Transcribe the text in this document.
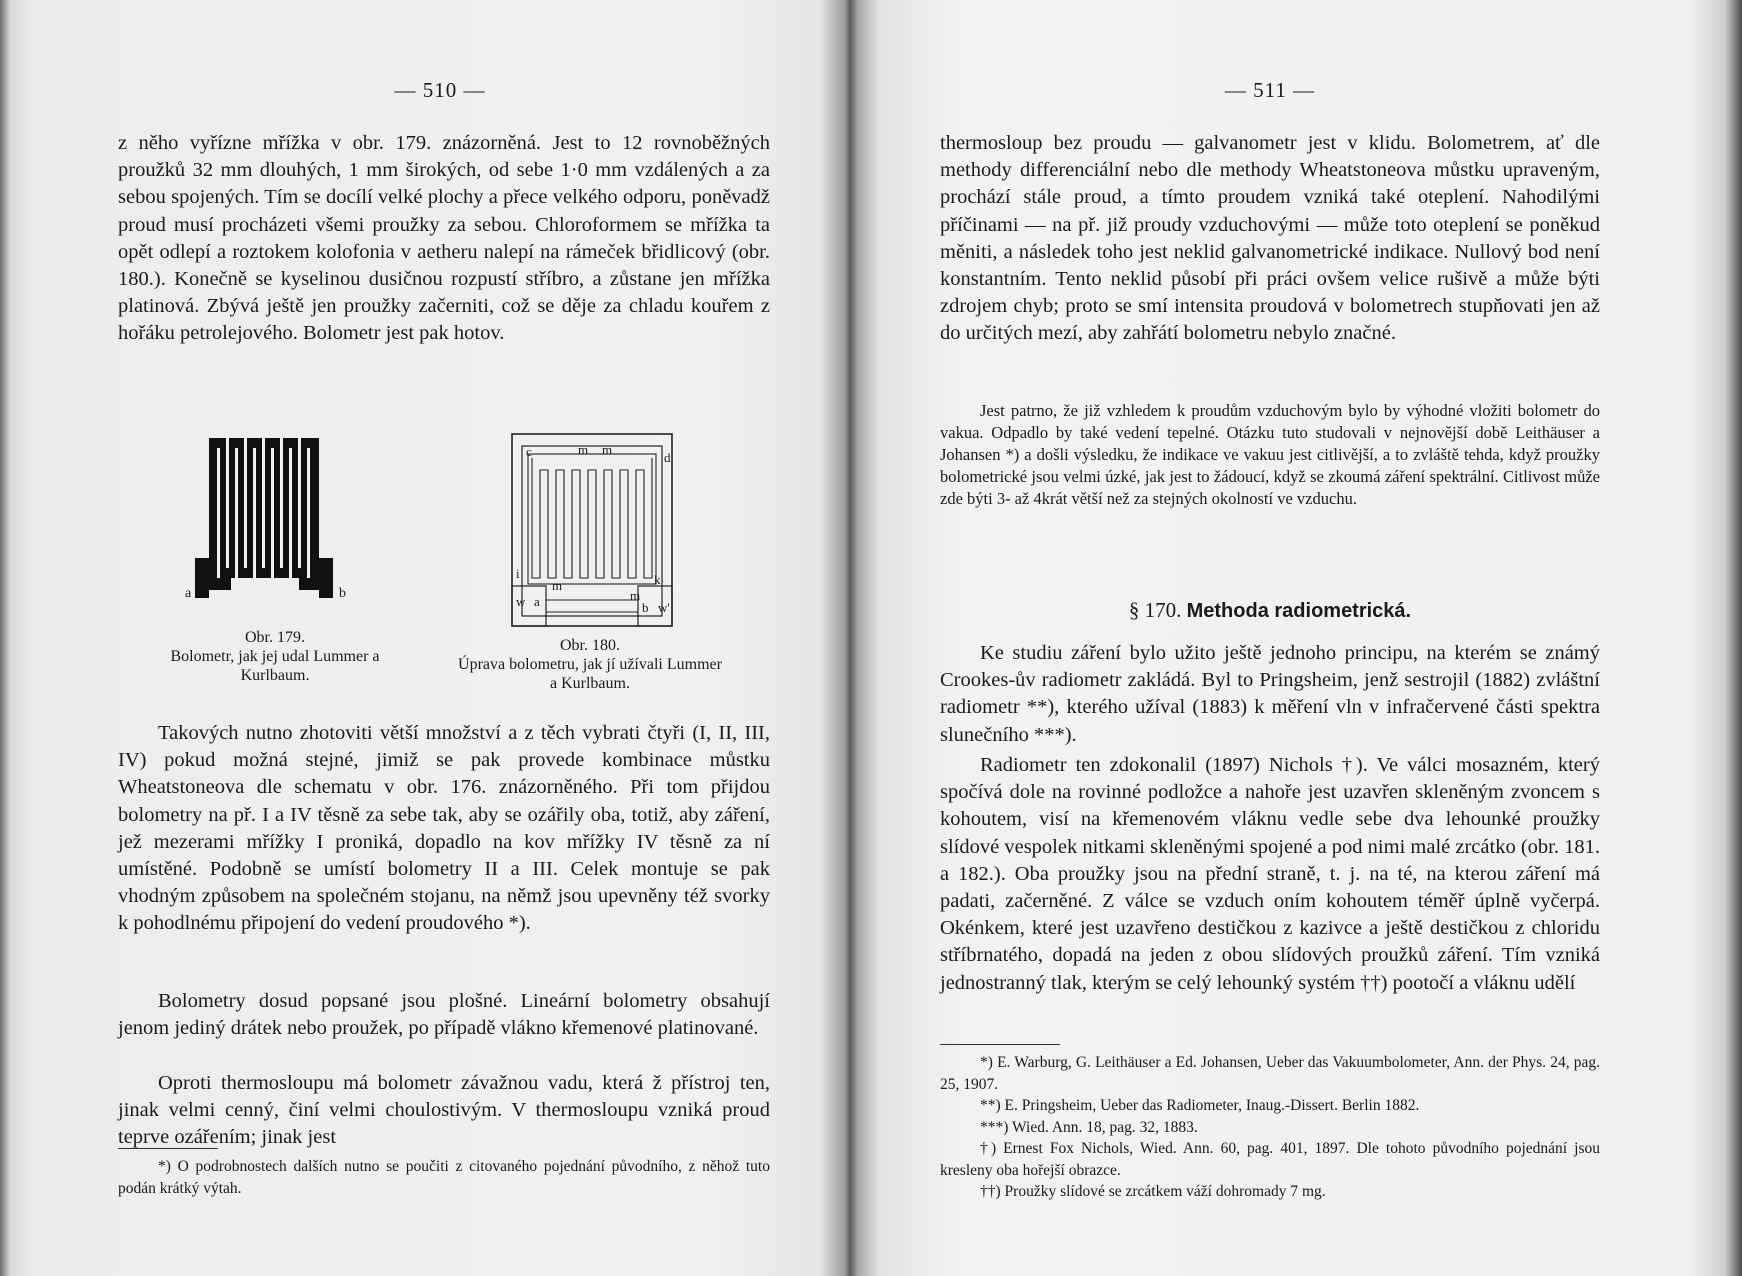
— 510 —

z něho vyřízne mřížka v obr. 179. znázorněná. Jest to 12 rovnoběžných proužků 32 mm dlouhých, 1 mm širokých, od sebe 1·0 mm vzdálených a za sebou spojených. Tím se docílí velké plochy a přece velkého odporu, poněvadž proud musí procházeti všemi proužky za sebou. Chloroformem se mřížka ta opět odlepí a roztokem kolofonia v aetheru nalepí na rámeček břidlicový (obr. 180.). Konečně se kyselinou dusičnou rozpustí stříbro, a zůstane jen mřížka platinová. Zbývá ještě jen proužky začerniti, což se děje za chladu kouřem z hořáku petrolejového. Bolometr jest pak hotov.

a	b
Obr. 179.
Bolometr, jak jej udal Lummer a Kurlbaum.
c	m m
d
i
m	k
m
w a	b w'
Obr. 180.
Úprava bolometru, jak jí užívali Lummer a Kurlbaum.

Takových nutno zhotoviti větší množství a z těch vybrati čtyři (I, II, III, IV) pokud možná stejné, jimiž se pak provede kombinace můstku Wheatstoneova dle schematu v obr. 176. znázorněného. Při tom přijdou bolometry na př. I a IV těsně za sebe tak, aby se ozářily oba, totiž, aby záření, jež mezerami mřížky I proniká, dopadlo na kov mřížky IV těsně za ní umístěné. Podobně se umístí bolometry II a III. Celek montuje se pak vhodným způsobem na společném stojanu, na němž jsou upevněny též svorky k pohodlnému připojení do vedení proudového *).

Bolometry dosud popsané jsou plošné. Lineární bolometry obsahují jenom jediný drátek nebo proužek, po případě vlákno křemenové platinované.

Oproti thermosloupu má bolometr závažnou vadu, která ž přístroj ten, jinak velmi cenný, činí velmi choulostivým. V thermosloupu vzniká proud teprve ozářením; jinak jest

*) O podrobnostech dalších nutno se poučiti z citovaného pojednání původního, z něhož tuto podán krátký výtah.

— 511 —

thermosloup bez proudu — galvanometr jest v klidu. Bolometrem, ať dle methody differenciální nebo dle methody Wheatstoneova můstku upraveným, prochází stále proud, a tímto proudem vzniká také oteplení. Nahodilými příčinami — na př. již proudy vzduchovými — může toto oteplení se poněkud měniti, a následek toho jest neklid galvanometrické indikace. Nullový bod není konstantním. Tento neklid působí při práci ovšem velice rušivě a může býti zdrojem chyb; proto se smí intensita proudová v bolometrech stupňovati jen až do určitých mezí, aby zahřátí bolometru nebylo značné.

Jest patrno, že již vzhledem k proudům vzduchovým bylo by výhodné vložiti bolometr do vakua. Odpadlo by také vedení tepelné. Otázku tuto studovali v nejnovější době Leithäuser a Johansen *) a došli výsledku, že indikace ve vakuu jest citlivější, a to zvláště tehda, když proužky bolometrické jsou velmi úzké, jak jest to žádoucí, když se zkoumá záření spektrální. Citlivost může zde býti 3- až 4krát větší než za stejných okolností ve vzduchu.

§ 170. Methoda radiometrická.

Ke studiu záření bylo užito ještě jednoho principu, na kterém se známý Crookes-ův radiometr zakládá. Byl to Pringsheim, jenž sestrojil (1882) zvláštní radiometr **), kterého užíval (1883) k měření vln v infračervené části spektra slunečního ***).

Radiometr ten zdokonalil (1897) Nichols †). Ve válci mosazném, který spočívá dole na rovinné podložce a nahoře jest uzavřen skleněným zvoncem s kohoutem, visí na křemenovém vláknu vedle sebe dva lehounké proužky slídové vespolek nitkami skleněnými spojené a pod nimi malé zrcátko (obr. 181. a 182.). Oba proužky jsou na přední straně, t. j. na té, na kterou záření má padati, začerněné. Z válce se vzduch oním kohoutem téměř úplně vyčerpá. Okénkem, které jest uzavřeno destičkou z kazivce a ještě destičkou z chloridu stříbrnatého, dopadá na jeden z obou slídových proužků záření. Tím vzniká jednostranný tlak, kterým se celý lehounký systém ††) pootočí a vláknu udělí

*) E. Warburg, G. Leithäuser a Ed. Johansen, Ueber das Vakuumbolometer, Ann. der Phys. 24, pag. 25, 1907.

**) E. Pringsheim, Ueber das Radiometer, Inaug.-Dissert. Berlin 1882.

***) Wied. Ann. 18, pag. 32, 1883.

†) Ernest Fox Nichols, Wied. Ann. 60, pag. 401, 1897. Dle tohoto původního pojednání jsou kresleny oba hořejší obrazce.

††) Proužky slídové se zrcátkem váží dohromady 7 mg.
